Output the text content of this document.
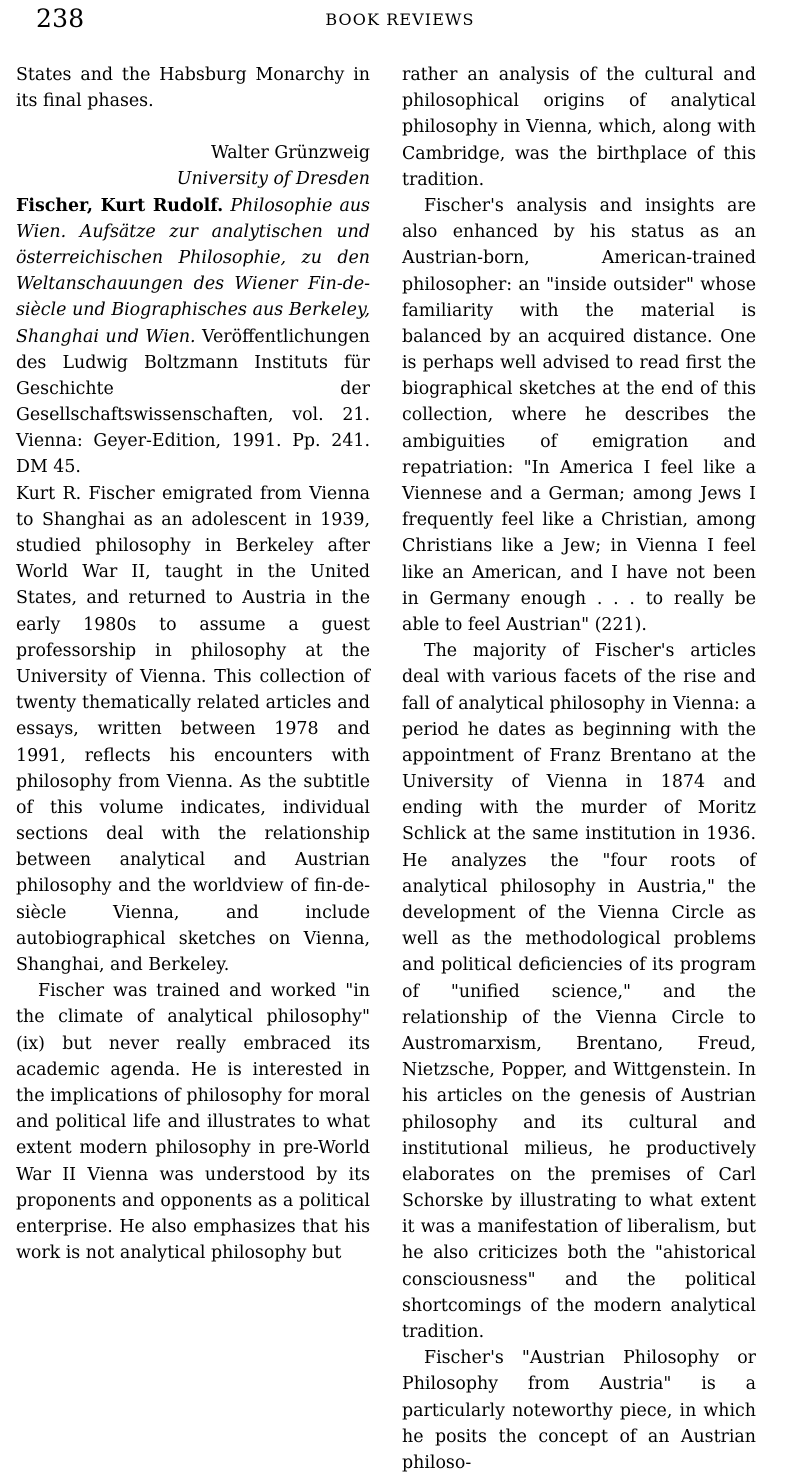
238	BOOK REVIEWS

States and the Habsburg Monarchy in its final phases.

Walter Grünzweig
University of Dresden

Fischer, Kurt Rudolf. Philosophie aus Wien. Aufsätze zur analytischen und österreichischen Philosophie, zu den Weltanschauungen des Wiener Fin-de-siècle und Biographisches aus Berkeley, Shanghai und Wien. Veröffentlichungen des Ludwig Boltzmann Instituts für Geschichte der Gesellschaftswissenschaften, vol. 21. Vienna: Geyer-Edition, 1991. Pp. 241. DM 45.

Kurt R. Fischer emigrated from Vienna to Shanghai as an adolescent in 1939, studied philosophy in Berkeley after World War II, taught in the United States, and returned to Austria in the early 1980s to assume a guest professorship in philosophy at the University of Vienna. This collection of twenty thematically related articles and essays, written between 1978 and 1991, reflects his encounters with philosophy from Vienna. As the subtitle of this volume indicates, individual sections deal with the relationship between analytical and Austrian philosophy and the worldview of fin-de-siècle Vienna, and include autobiographical sketches on Vienna, Shanghai, and Berkeley.

Fischer was trained and worked "in the climate of analytical philosophy" (ix) but never really embraced its academic agenda. He is interested in the implications of philosophy for moral and political life and illustrates to what extent modern philosophy in pre-World War II Vienna was understood by its proponents and opponents as a political enterprise. He also emphasizes that his work is not analytical philosophy but

rather an analysis of the cultural and philosophical origins of analytical philosophy in Vienna, which, along with Cambridge, was the birthplace of this tradition.

Fischer's analysis and insights are also enhanced by his status as an Austrian-born, American-trained philosopher: an "inside outsider" whose familiarity with the material is balanced by an acquired distance. One is perhaps well advised to read first the biographical sketches at the end of this collection, where he describes the ambiguities of emigration and repatriation: "In America I feel like a Viennese and a German; among Jews I frequently feel like a Christian, among Christians like a Jew; in Vienna I feel like an American, and I have not been in Germany enough . . . to really be able to feel Austrian" (221).

The majority of Fischer's articles deal with various facets of the rise and fall of analytical philosophy in Vienna: a period he dates as beginning with the appointment of Franz Brentano at the University of Vienna in 1874 and ending with the murder of Moritz Schlick at the same institution in 1936. He analyzes the "four roots of analytical philosophy in Austria," the development of the Vienna Circle as well as the methodological problems and political deficiencies of its program of "unified science," and the relationship of the Vienna Circle to Austromarxism, Brentano, Freud, Nietzsche, Popper, and Wittgenstein. In his articles on the genesis of Austrian philosophy and its cultural and institutional milieus, he productively elaborates on the premises of Carl Schorske by illustrating to what extent it was a manifestation of liberalism, but he also criticizes both the "ahistorical consciousness" and the political shortcomings of the modern analytical tradition.

Fischer's "Austrian Philosophy or Philosophy from Austria" is a particularly noteworthy piece, in which he posits the concept of an Austrian philoso-
